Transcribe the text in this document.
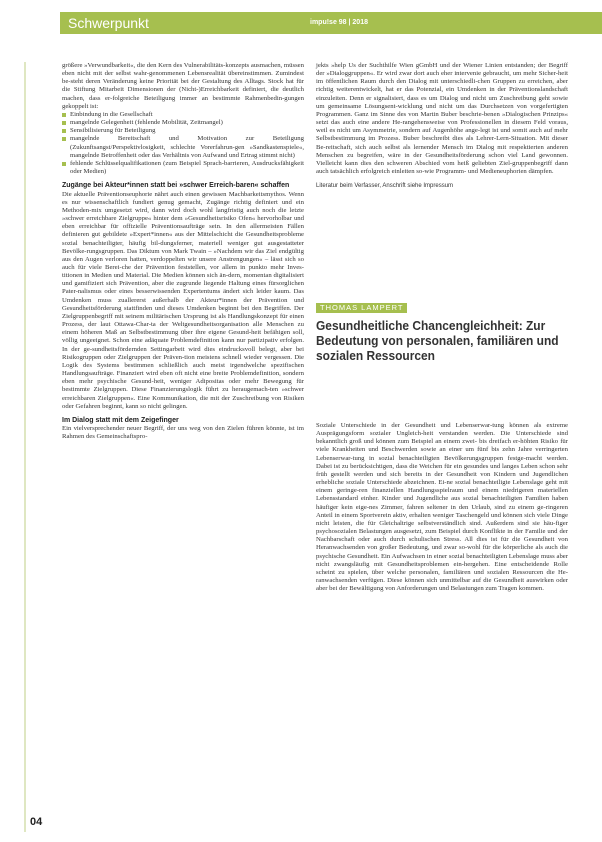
Schwerpunkt	impu!se 98 | 2018

größere »Verwundbarkeit«, die den Kern des Vulnerabilitäts-konzepts ausmachen, müssen eben nicht mit der selbst wahr-genommenen Lebensrealität übereinstimmen. Zumindest be-steht deren Veränderung keine Priorität bei der Gestaltung des Alltags. Stock hat für die Stiftung Mitarbeit Dimensionen der (Nicht-)Erreichbarkeit definiert, die deutlich machen, dass er-folgreiche Beteiligung immer an bestimmte Rahmenbedin-gungen gekoppelt ist:

Einbindung in die Gesellschaft
mangelnde Gelegenheit (fehlende Mobilität, Zeitmangel)
Sensibilisierung für Beteiligung
mangelnde Bereitschaft und Motivation zur Beteiligung (Zukunftsangst/Perspektivlosigkeit, schlechte Vorerfahrun-gen »Sandkastenspiele«, mangelnde Betroffenheit oder das Verhältnis von Aufwand und Ertrag stimmt nicht)
fehlende Schlüsselqualifikationen (zum Beispiel Sprach-barrieren, Ausdrucksfähigkeit oder Medien)
Zugänge bei Akteur*innen statt bei »schwer Erreich-baren« schaffen

Die aktuelle Präventionseuphorie nährt auch einen gewissen Machbarkeitsmythos. Wenn es nur wissenschaftlich fundiert genug gemacht, Zugänge richtig definiert und ein Methoden-mix umgesetzt wird, dann wird doch wohl langfristig auch noch die letzte »schwer erreichbare Zielgruppe« hinter dem »Gesundheitsrisiko Ofen« hervorholbar und eben erreichbar für offizielle Präventionsaufträge sein. In den allermeisten Fällen definieren gut gebildete »Expert*innen« aus der Mittelschicht die Gesundheitsprobleme sozial benachteiligter, häufig bil-dungsferner, materiell weniger gut ausgestatteter Bevölke-rungsgruppen. Das Diktum von Mark Twain – »Nachdem wir das Ziel endgültig aus den Augen verloren hatten, verdoppelten wir unsere Anstrengungen« – lässt sich so auch für viele Berei-che der Prävention feststellen, vor allem in punkto mehr Inves-titionen in Medien und Material. Die Medien können sich än-dern, momentan digitalisiert und gamifiziert sich Prävention, aber die zugrunde liegende Haltung eines fürsorglichen Pater-nalismus oder eines besserwissenden Expertentums ändert sich leider kaum. Das Umdenken muss zuallererst außerhalb der Akteur*innen der Prävention und Gesundheitsförderung stattfinden und dieses Umdenken beginnt bei den Begriffen. Der Zielgruppenbegriff mit seinem militärischen Ursprung ist als Handlungskonzept für einen Prozess, der laut Ottawa-Char-ta der Weltgesundheitsorganisation alle Menschen zu einem höheren Maß an Selbstbestimmung über ihre eigene Gesund-heit befähigen soll, völlig ungeeignet. Schon eine adäquate Problemdefinition kann nur partizipativ erfolgen. In der ge-sundheitsfördernden Settingarbeit wird dies eindrucksvoll belegt, aber bei Risikogruppen oder Zielgruppen der Präven-tion meistens schnell wieder vergessen. Die Logik des Systems bestimmen schließlich auch meist irgendwelche spezifischen Handlungsaufträge. Finanziert wird eben oft nicht eine breite Problemdefinition, sondern eben mehr psychische Gesund-heit, weniger Adipositas oder mehr Bewegung für bestimmte Zielgruppen. Diese Finanzierungslogik führt zu heraugemach-ten »schwer erreichbaren Zielgruppen«. Eine Kommunikation, die mit der Zuschreibung von Risiken oder Gefahren beginnt, kann so nicht gelingen.

Im Dialog statt mit dem Zeigefinger

Ein vielversprechender neuer Begriff, der uns weg von den Zielen führen könnte, ist im Rahmen des Gemeinschaftspro-

jekts »help Us der Suchthilfe Wien gGmbH und der Wiener Linien entstanden; der Begriff der »Dialoggruppen«. Er wird zwar dort auch eher intervenie gebraucht, um mehr Sicher-heit im öffentlichen Raum durch den Dialog mit unterschiedli-chen Gruppen zu erreichen, aber richtig weiterentwickelt, hat er das Potenzial, ein Umdenken in der Präventionslandschaft einzuleiten. Denn er signalisiert, dass es um Dialog und nicht um Zuschreibung geht sowie um gemeinsame Lösungsent-wicklung und nicht um das Durchsetzen von vorgefertigten Programmen. Ganz im Sinne des von Martin Buber beschrie-benen »Dialogischen Prinzips« setzt das auch eine andere He-rangehensweise von Professionellen in diesem Feld voraus, weil es nicht um Asymmetrie, sondern auf Augenhöhe ange-legt ist und somit auch auf mehr Selbstbestimmung im Prozess. Buber beschreibt dies als Lehrer-Lern-Situation. Mit dieser Be-reitschaft, sich auch selbst als lernender Mensch im Dialog mit respektierten anderen Menschen zu begreifen, wäre in der Gesundheitsförderung schon viel Land gewonnen. Vielleicht kann dies den schweren Abschied vom heiß geliebten Ziel-gruppenbegriff dann auch tatsächlich erfolgreich einleiten so-wie Programm- und Medieneuphorien dämpfen.

Literatur beim Verfasser, Anschrift siehe Impressum
THOMAS LAMPERT
Gesundheitliche Chancengleichheit: Zur Bedeutung von personalen, familiären und sozialen Ressourcen

Soziale Unterschiede in der Gesundheit und Lebenserwar-tung können als extreme Ausprägungsform sozialer Ungleich-heit verstanden werden. Die Unterschiede sind bekanntlich groß und können zum Beispiel an einem zwei- bis dreifach er-höhten Risiko für viele Krankheiten und Beschwerden sowie an einer um fünf bis zehn Jahre verringerten Lebenserwar-tung in sozial benachteiligten Bevölkerungsgruppen festge-macht werden. Dabei ist zu berücksichtigen, dass die Weichen für ein gesundes und langes Leben schon sehr früh gestellt werden und sich bereits in der Gesundheit von Kindern und Jugendlichen erhebliche soziale Unterschiede abzeichnen. Ei-ne sozial benachteiligte Lebenslage geht mit einem geringe-ren finanziellen Handlungsspielraum und einem niedrigeren materiellen Lebensstandard einher. Kinder und Jugendliche aus sozial benachteiligten Familien haben häufiger kein eige-nes Zimmer, fahren seltener in den Urlaub, sind zu einem ge-ringeren Anteil in einem Sportverein aktiv, erhalten weniger Taschengeld und können sich viele Dinge nicht leisten, die für Gleichaltrige selbstverständlich sind. Außerdem sind sie häu-figer psychosozialen Belastungen ausgesetzt, zum Beispiel durch Konflikte in der Familie und der Nachbarschaft oder auch durch schulischen Stress. All dies ist für die Gesundheit von Heranwachsenden von großer Bedeutung, und zwar so-wohl für die körperliche als auch die psychische Gesundheit. Ein Aufwachsen in einer sozial benachteiligten Lebenslage muss aber nicht zwangsläufig mit Gesundheitsproblemen ein-hergehen. Eine entscheidende Rolle scheint zu spielen, über welche personalen, familiären und sozialen Ressourcen die He-ranwachsenden verfügen. Diese können sich unmittelbar auf die Gesundheit auswirken oder aber bei der Bewältigung von Anforderungen und Belastungen zum Tragen kommen.

04
